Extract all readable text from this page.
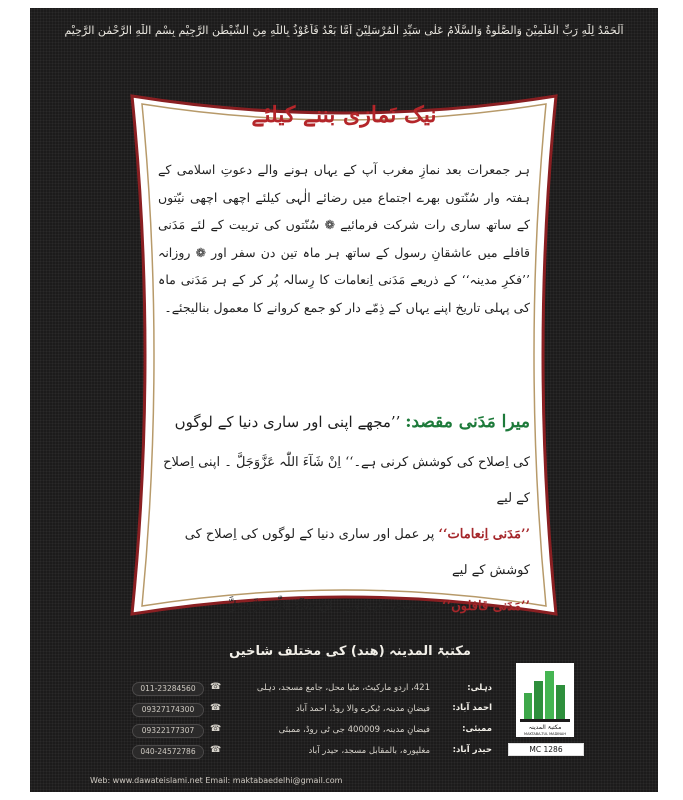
اَلْحَمْدُ لِلّٰهِ رَبِّ الْعٰلَمِيْنَ وَالصَّلٰوةُ وَالسَّلَامُ عَلٰى سَيِّدِ الْمُرْسَلِيْنَ اَمَّا بَعْدُ فَاَعُوْذُ بِاللّٰهِ مِنَ الشَّيْطٰنِ الرَّجِيْمِ بِسْمِ اللّٰهِ الرَّحْمٰنِ الرَّحِيْمِ
نیک نَمازی بننے کیلئے
ہر جمعرات بعد نمازِ مغرب آپ کے یہاں ہونے والے دعوتِ اسلامی کے ہفتہ وار سُنّتوں بھرے اجتماع میں رضائے الٰہی کیلئے اچھی اچھی نیّتوں کے ساتھ ساری رات شرکت فرمائیے ❁ سُنّتوں کی تربیت کے لئے مَدَنی قافلے میں عاشقانِ رسول کے ساتھ ہر ماہ تین دن سفر اور ❁ روزانہ ’’فکرِ مدینہ‘‘ کے ذریعے مَدَنی اِنعامات کا رِسالہ پُر کر کے ہر مَدَنی ماہ کی پہلی تاریخ اپنے یہاں کے ذِمّے دار کو جمع کروانے کا معمول بنالیجئے۔
میرا مَدَنی مقصد: ’’مجھے اپنی اور ساری دنیا کے لوگوں
کی اِصلاح کی کوشش کرنی ہے۔‘‘ اِنْ شَآءَ اللّٰہ عَزَّوَجَلَّ ۔ اپنی اِصلاح کے لیے
’’مَدَنی اِنعامات‘‘ پر عمل اور ساری دنیا کے لوگوں کی اِصلاح کی کوشش کے لیے
’’مَدَنی قافلوں‘‘ میں سفر کرنا ہے۔ اِنْ شَآءَ اللّٰہ عَزَّوَجَلَّ
مکتبۃ المدینہ (ھند) کی مختلف شاخیں
011-23284560	☎	421، اردو مارکیٹ، مٹیا محل، جامع مسجد، دہلی	دہلی:
09327174300	☎	فیضانِ مدینہ، ٹیکرے والا روڈ، احمد آباد	احمد آباد:
09322177307	☎	فیضانِ مدینہ، 400009 جی ٹی روڈ، ممبئی	ممبئی:
040-24572786	☎	مغلپورہ، بالمقابل مسجد، حیدر آباد	حیدر آباد:
مکتبۃ المدینہ
MAKTABA-TUL MADINAH
MC 1286
Web: www.dawateislami.net Email: maktabaedelhi@gmail.com
